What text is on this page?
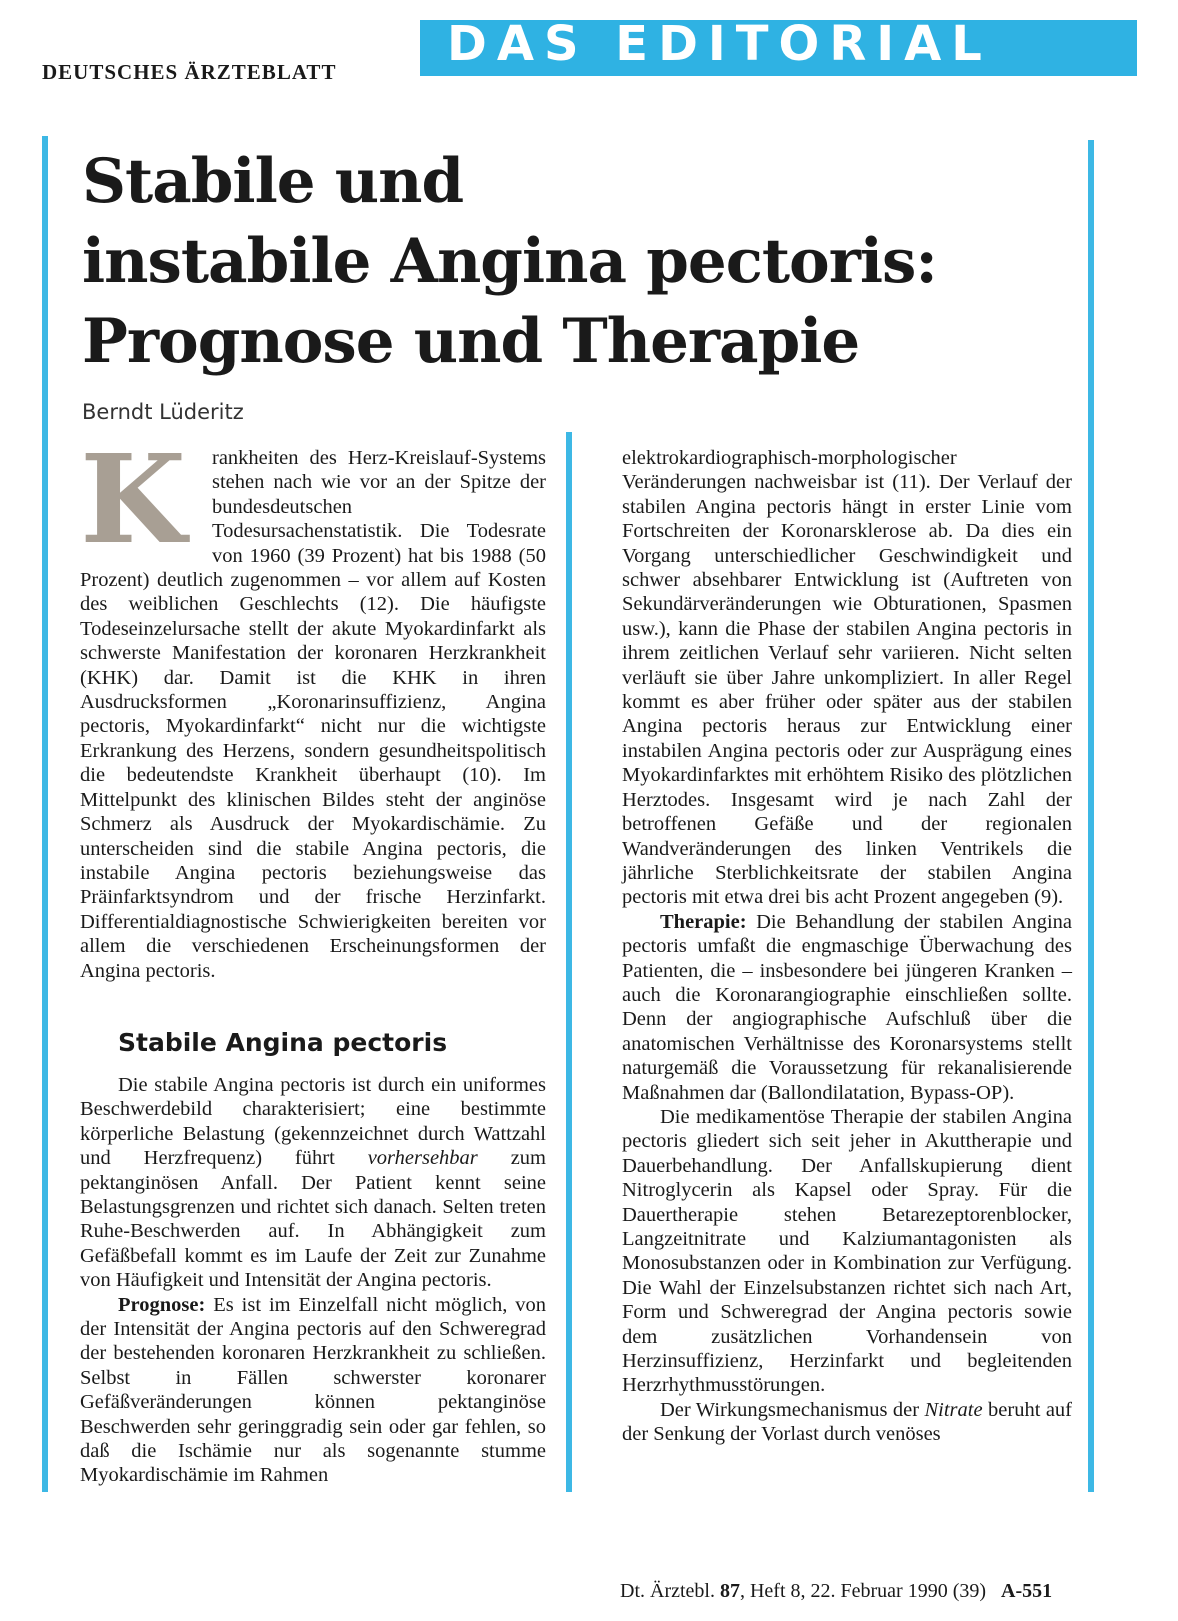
DEUTSCHES ÄRZTEBLATT DAS EDITORIAL
Stabile und
instabile Angina pectoris:
Prognose und Therapie
Berndt Lüderitz

K	rankheiten des Herz-Kreislauf-Systems stehen nach wie vor an der Spitze der bundesdeutschen Todesursachenstatistik. Die Todesrate von 1960 (39 Prozent) hat bis 1988 (50 Prozent) deutlich zugenommen – vor allem auf Kosten des weiblichen Geschlechts (12). Die häufigste Todeseinzelursache stellt der akute Myokardinfarkt als schwerste Manifestation der koronaren Herzkrankheit (KHK) dar. Damit ist die KHK in ihren Ausdrucksformen „Koronarinsuffizienz, Angina pectoris, Myokardinfarkt“ nicht nur die wichtigste Erkrankung des Herzens, sondern gesundheitspolitisch die bedeutendste Krankheit überhaupt (10). Im Mittelpunkt des klinischen Bildes steht der anginöse Schmerz als Ausdruck der Myokardischämie. Zu unterscheiden sind die stabile Angina pectoris, die instabile Angina pectoris beziehungsweise das Präinfarktsyndrom und der frische Herzinfarkt. Differentialdiagnostische Schwierigkeiten bereiten vor allem die verschiedenen Erscheinungsformen der Angina pectoris.

Stabile Angina pectoris

Die stabile Angina pectoris ist durch ein uniformes Beschwerdebild charakterisiert; eine bestimmte körperliche Belastung (gekennzeichnet durch Wattzahl und Herzfrequenz) führt vorhersehbar zum pektanginösen Anfall. Der Patient kennt seine Belastungsgrenzen und richtet sich danach. Selten treten Ruhe-Beschwerden auf. In Abhängigkeit zum Gefäßbefall kommt es im Laufe der Zeit zur Zunahme von Häufigkeit und Intensität der Angina pectoris.

Prognose: Es ist im Einzelfall nicht möglich, von der Intensität der Angina pectoris auf den Schweregrad der bestehenden koronaren Herzkrankheit zu schließen. Selbst in Fällen schwerster koronarer Gefäßveränderungen können pektanginöse Beschwerden sehr geringgradig sein oder gar fehlen, so daß die Ischämie nur als sogenannte stumme Myokardischämie im Rahmen

elektrokardiographisch-morphologischer Veränderungen nachweisbar ist (11). Der Verlauf der stabilen Angina pectoris hängt in erster Linie vom Fortschreiten der Koronarsklerose ab. Da dies ein Vorgang unterschiedlicher Geschwindigkeit und schwer absehbarer Entwicklung ist (Auftreten von Sekundärveränderungen wie Obturationen, Spasmen usw.), kann die Phase der stabilen Angina pectoris in ihrem zeitlichen Verlauf sehr variieren. Nicht selten verläuft sie über Jahre unkompliziert. In aller Regel kommt es aber früher oder später aus der stabilen Angina pectoris heraus zur Entwicklung einer instabilen Angina pectoris oder zur Ausprägung eines Myokardinfarktes mit erhöhtem Risiko des plötzlichen Herztodes. Insgesamt wird je nach Zahl der betroffenen Gefäße und der regionalen Wandveränderungen des linken Ventrikels die jährliche Sterblichkeitsrate der stabilen Angina pectoris mit etwa drei bis acht Prozent angegeben (9).

Therapie: Die Behandlung der stabilen Angina pectoris umfaßt die engmaschige Überwachung des Patienten, die – insbesondere bei jüngeren Kranken – auch die Koronarangiographie einschließen sollte. Denn der angiographische Aufschluß über die anatomischen Verhältnisse des Koronarsystems stellt naturgemäß die Voraussetzung für rekanalisierende Maßnahmen dar (Ballondilatation, Bypass-OP).

Die medikamentöse Therapie der stabilen Angina pectoris gliedert sich seit jeher in Akuttherapie und Dauerbehandlung. Der Anfallskupierung dient Nitroglycerin als Kapsel oder Spray. Für die Dauertherapie stehen Betarezeptorenblocker, Langzeitnitrate und Kalziumantagonisten als Monosubstanzen oder in Kombination zur Verfügung. Die Wahl der Einzelsubstanzen richtet sich nach Art, Form und Schweregrad der Angina pectoris sowie dem zusätzlichen Vorhandensein von Herzinsuffizienz, Herzinfarkt und begleitenden Herzrhythmusstörungen.

Der Wirkungsmechanismus der Nitrate beruht auf der Senkung der Vorlast durch venöses

Dt. Ärztebl. 87, Heft 8, 22. Februar 1990 (39) A-551
